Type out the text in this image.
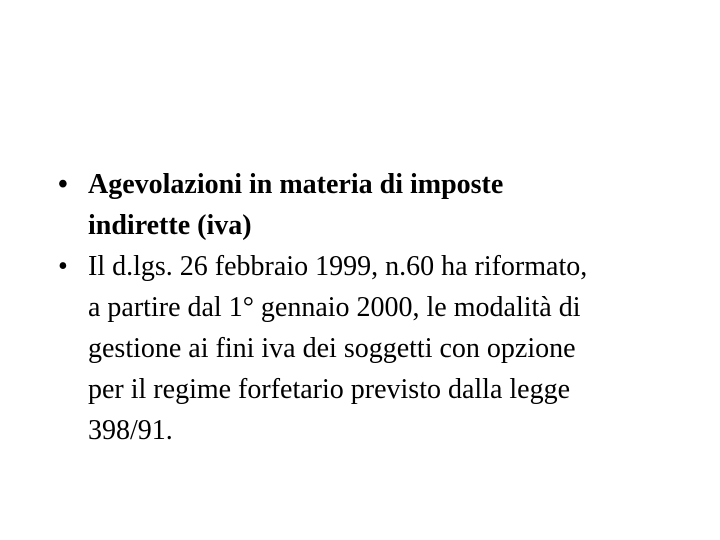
• Agevolazioni in materia di imposte
indirette (iva)
• Il d.lgs. 26 febbraio 1999, n.60 ha riformato,
a partire dal 1° gennaio 2000, le modalità di
gestione ai fini iva dei soggetti con opzione
per il regime forfetario previsto dalla legge
398/91.
